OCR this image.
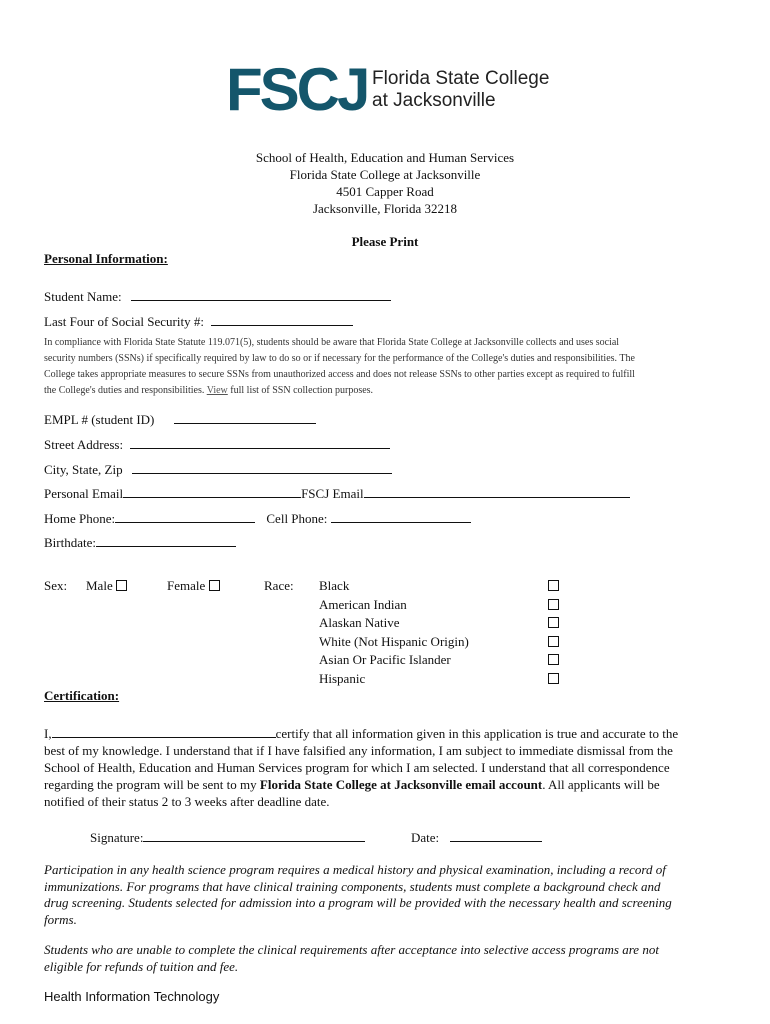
FSCJ Florida State College
at Jacksonville
School of Health, Education and Human Services
Florida State College at Jacksonville
4501 Capper Road
Jacksonville, Florida 32218
Please Print
Personal Information:
Student Name:
Last Four of Social Security #:
In compliance with Florida State Statute 119.071(5), students should be aware that Florida State College at Jacksonville collects and uses social
security numbers (SSNs) if specifically required by law to do so or if necessary for the performance of the College's duties and responsibilities. The
College takes appropriate measures to secure SSNs from unauthorized access and does not release SSNs to other parties except as required to fulfill
the College's duties and responsibilities. View full list of SSN collection purposes.
EMPL # (student ID)
Street Address:
City, State, Zip
Personal Email	FSCJ Email
Home Phone:	Cell Phone:
Birthdate:
Sex: Male	Female	Race: Black
American Indian
Alaskan Native
White (Not Hispanic Origin)
Asian Or Pacific Islander
Hispanic
Certification:
I,	certify that all information given in this application is true and accurate to the
best of my knowledge. I understand that if I have falsified any information, I am subject to immediate dismissal from the
School of Health, Education and Human Services program for which I am selected. I understand that all correspondence
regarding the program will be sent to my Florida State College at Jacksonville email account. All applicants will be
notified of their status 2 to 3 weeks after deadline date.
Signature:	Date:
Participation in any health science program requires a medical history and physical examination, including a record of
immunizations. For programs that have clinical training components, students must complete a background check and
drug screening. Students selected for admission into a program will be provided with the necessary health and screening
forms.
Students who are unable to complete the clinical requirements after acceptance into selective access programs are not
eligible for refunds of tuition and fee.
Health Information Technology
